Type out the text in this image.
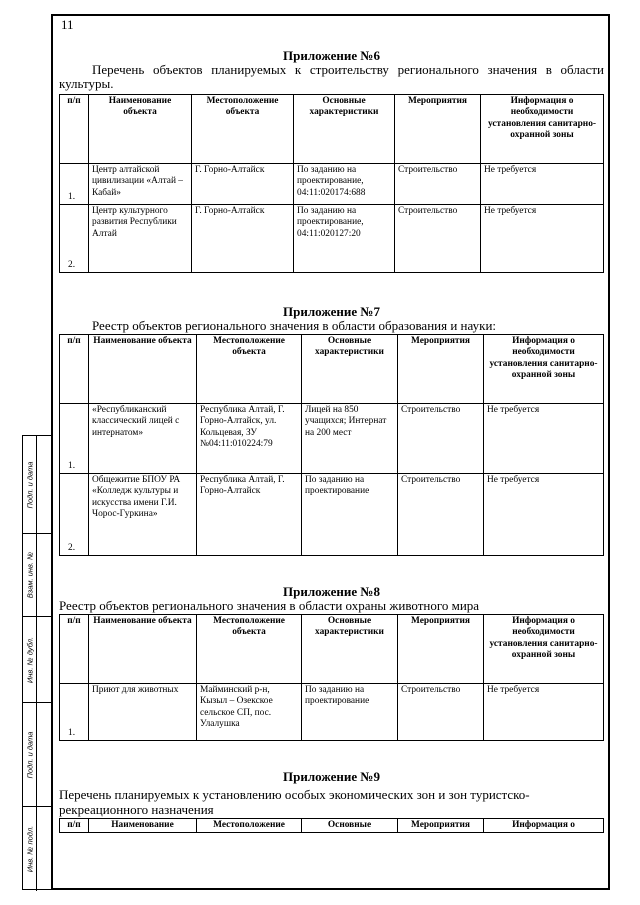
Подп. и дата
Взам. инв. №
Инв. № дубл.
Подп. и дата
Инв. № подл.
11
Приложение №6

Перечень объектов планируемых к строительству регионального значения в области культуры.

п/п	Наименование объекта	Местоположение объекта	Основные характеристики	Мероприятия	Информация о необходимости установления санитарно-охранной зоны

1.	Центр алтайской цивилизации «Алтай –Кабай»	Г. Горно-Алтайск	По заданию на проектирование, 04:11:020174:688	Строительство	Не требуется

2.	Центр культурного развития Республики Алтай	Г. Горно-Алтайск	По заданию на проектирование, 04:11:020127:20	Строительство	Не требуется
Приложение №7

Реестр объектов регионального значения в области образования и науки:

п/п	Наименование объекта	Местоположение объекта	Основные характеристики	Мероприятия	Информация о необходимости установления санитарно-охранной зоны

1.	«Республиканский классический лицей с интернатом»	Республика Алтай, Г. Горно-Алтайск, ул. Кольцевая, ЗУ №04:11:010224:79	Лицей на 850 учащихся; Интернат на 200 мест	Строительство	Не требуется

2.	Общежитие БПОУ РА «Колледж культуры и искусства имени Г.И. Чорос-Гуркина»	Республика Алтай, Г. Горно-Алтайск	По заданию на проектирование	Строительство	Не требуется
Приложение №8

Реестр объектов регионального значения в области охраны животного мира

п/п	Наименование объекта	Местоположение объекта	Основные характеристики	Мероприятия	Информация о необходимости установления санитарно-охранной зоны

1.	Приют для животных	Майминский р-н, Кызыл – Озекское сельское СП, пос. Улалушка	По заданию на проектирование	Строительство	Не требуется
Приложение №9

Перечень планируемых к установлению особых экономических зон и зон туристско- рекреационного назначения

п/п	Наименование	Местоположение	Основные	Мероприятия	Информация о
